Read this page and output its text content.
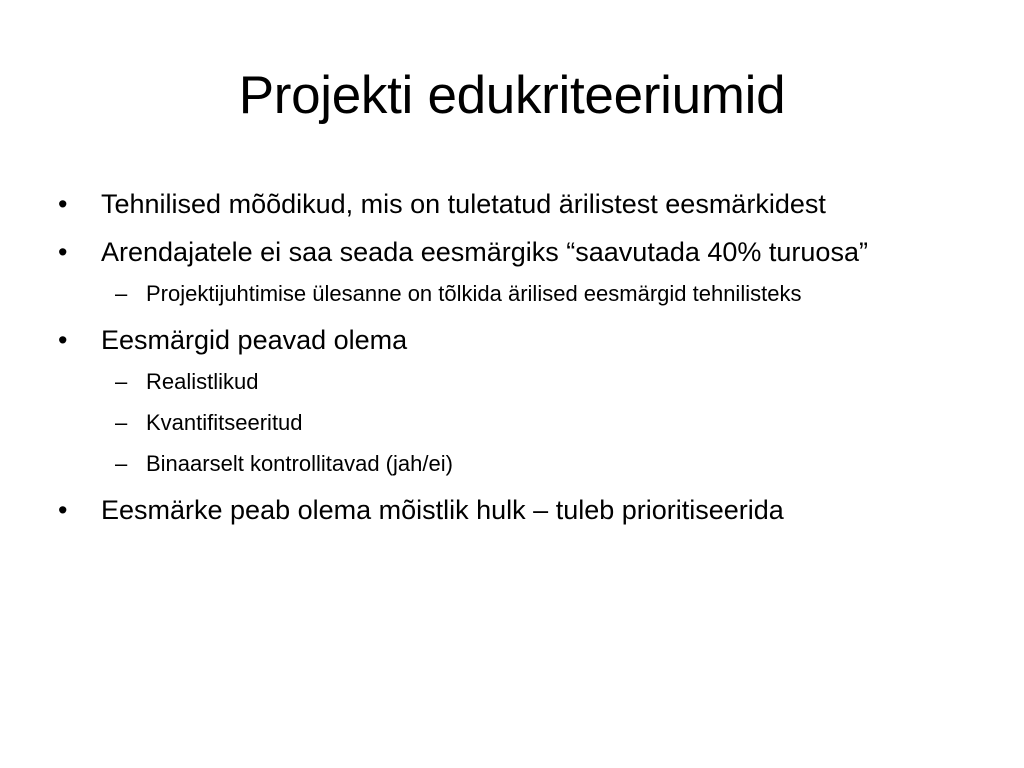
Projekti edukriteeriumid
• Tehnilised mõõdikud, mis on tuletatud ärilistest eesmärkidest
• Arendajatele ei saa seada eesmärgiks “saavutada 40% turuosa”
– Projektijuhtimise ülesanne on tõlkida ärilised eesmärgid tehnilisteks
• Eesmärgid peavad olema
– Realistlikud
– Kvantifitseeritud
– Binaarselt kontrollitavad (jah/ei)
• Eesmärke peab olema mõistlik hulk – tuleb prioritiseerida
